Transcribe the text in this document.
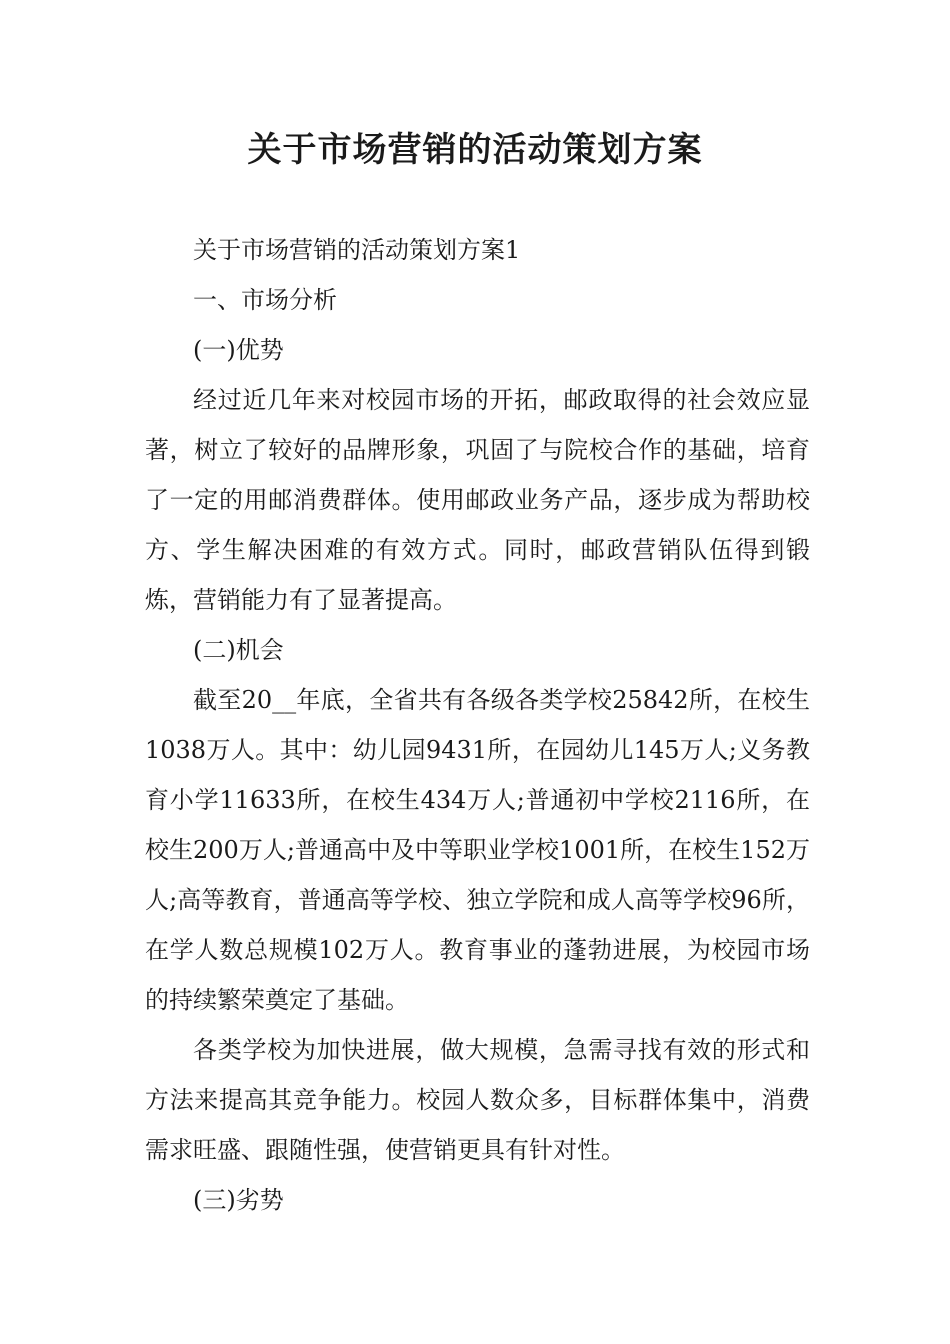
关于市场营销的活动策划方案

关于市场营销的活动策划方案1

一、市场分析

(一)优势

经过近几年来对校园市场的开拓，邮政取得的社会效应显著，树立了较好的品牌形象，巩固了与院校合作的基础，培育了一定的用邮消费群体。使用邮政业务产品，逐步成为帮助校方、学生解决困难的有效方式。同时，邮政营销队伍得到锻炼，营销能力有了显著提高。

(二)机会

截至20__年底，全省共有各级各类学校25842所，在校生1038万人。其中：幼儿园9431所，在园幼儿145万人;义务教育小学11633所，在校生434万人;普通初中学校2116所，在校生200万人;普通高中及中等职业学校1001所，在校生152万人;高等教育，普通高等学校、独立学院和成人高等学校96所，在学人数总规模102万人。教育事业的蓬勃进展，为校园市场的持续繁荣奠定了基础。

各类学校为加快进展，做大规模，急需寻找有效的形式和方法来提高其竞争能力。校园人数众多，目标群体集中，消费需求旺盛、跟随性强，使营销更具有针对性。

(三)劣势
